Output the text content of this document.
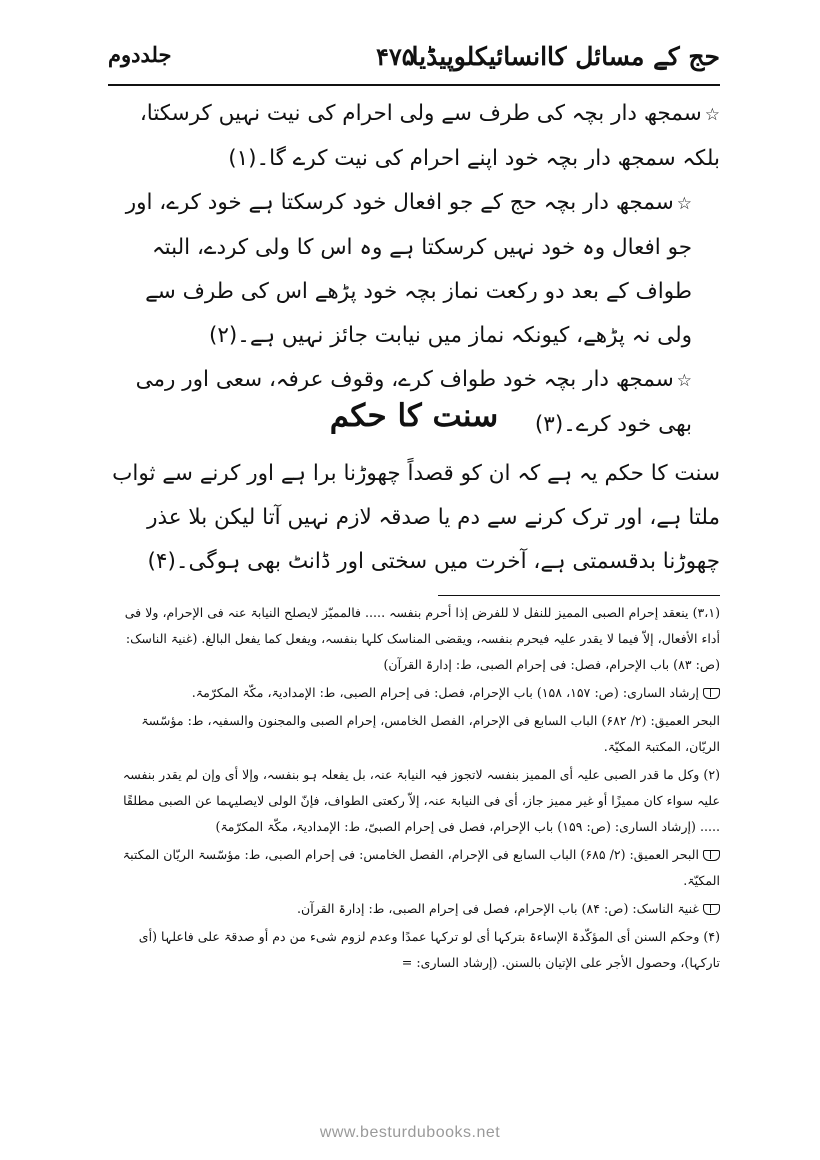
حج کے مسائل کاانسائیکلوپیڈیا
۴۷۵
جلددوم

☆سمجھ دار بچہ کی طرف سے ولی احرام کی نیت نہیں کرسکتا، بلکہ سمجھ دار بچہ خود اپنے احرام کی نیت کرے گا۔(۱)

☆سمجھ دار بچہ حج کے جو افعال خود کرسکتا ہے خود کرے، اور جو افعال وہ خود نہیں کرسکتا ہے وہ اس کا ولی کردے، البتہ طواف کے بعد دو رکعت نماز بچہ خود پڑھے اس کی طرف سے ولی نہ پڑھے، کیونکہ نماز میں نیابت جائز نہیں ہے۔(۲)

☆سمجھ دار بچہ خود طواف کرے، وقوف عرفہ، سعی اور رمی بھی خود کرے۔(۳)

سنت کا حکم

سنت کا حکم یہ ہے کہ ان کو قصداً چھوڑنا برا ہے اور کرنے سے ثواب ملتا ہے، اور ترک کرنے سے دم یا صدقہ لازم نہیں آتا لیکن بلا عذر چھوڑنا بدقسمتی ہے، آخرت میں سختی اور ڈانٹ بھی ہوگی۔(۴)

(۳،۱) ینعقد إحرام الصبی الممیز للنفل لا للفرض إذا أحرم بنفسہ ..... فالممیّز لایصلح النیابۃ عنہ فی الإحرام، ولا فی أداء الأفعال، إلاّ فیما لا یقدر علیہ فیحرم بنفسہ، ویقضی المناسک کلہا بنفسہ، ویفعل کما یفعل البالغ. (غنیۃ الناسک: (ص: ۸۳) باب الإحرام، فصل: فی إحرام الصبی، ط: إدارۃ القرآن)

إرشاد الساری: (ص: ۱۵۷، ۱۵۸) باب الإحرام، فصل: فی إحرام الصبی، ط: الإمدادیۃ، مکّۃ المکرّمۃ.

البحر العمیق: (۲/ ۶۸۲) الباب السابع فی الإحرام، الفصل الخامس، إحرام الصبی والمجنون والسفیہ، ط: مؤسّسۃ الریّان، المکتبۃ المکیّۃ.

(۲) وکل ما قدر الصبی علیہ أی الممیز بنفسہ لاتجوز فیہ النیابۃ عنہ، بل یفعلہ ہو بنفسہ، وإلا أی وإن لم یقدر بنفسہ علیہ سواء کان ممیزًا أو غیر ممیز جاز، أی فی النیابۃ عنہ، إلاّ رکعتی الطواف، فإنّ الولی لایصلیہما عن الصبی مطلقًا ..... (إرشاد الساری: (ص: ۱۵۹) باب الإحرام، فصل فی إحرام الصبیّ، ط: الإمدادیۃ، مکّۃ المکرّمۃ)

البحر العمیق: (۲/ ۶۸۵) الباب السابع فی الإحرام، الفصل الخامس: فی إحرام الصبی، ط: مؤسّسۃ الریّان المکتبۃ المکیّۃ.

غنیۃ الناسک: (ص: ۸۴) باب الإحرام، فصل فی إحرام الصبی، ط: إدارۃ القرآن.

(۴) وحکم السنن أی المؤکّدۃ الإساءۃ بترکہا أی لو ترکہا عمدًا وعدم لزوم شیء من دم أو صدقۃ علی فاعلہا (أی تارکہا)، وحصول الأجر علی الإتیان بالسنن. (إرشاد الساری: =

www.besturdubooks.net
